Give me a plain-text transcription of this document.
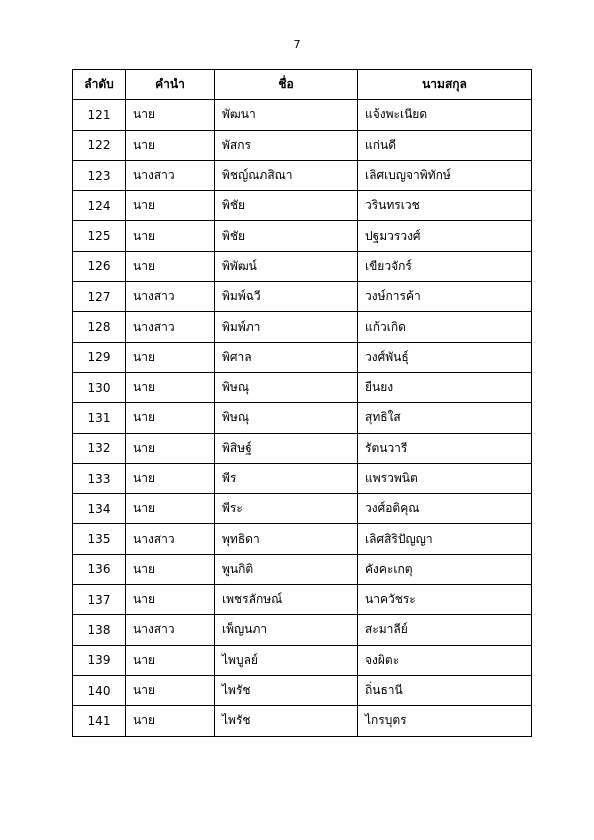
7
ลำดับ	คำนำ	ชื่อ	นามสกุล
121	นาย	พัฒนา	แจ้งพะเนียด
122	นาย	พัสกร	แก่นดี
123	นางสาว	พิชญ์ณภสิณา	เลิศเบญจาพิทักษ์
124	นาย	พิชัย	วรินทรเวช
125	นาย	พิชัย	ปฐมวรวงศ์
126	นาย	พิพัฒน์	เขียวจักร์
127	นางสาว	พิมพ์ฉวี	วงษ์การค้า
128	นางสาว	พิมพ์ภา	แก้วเกิด
129	นาย	พิศาล	วงศ์พันธุ์
130	นาย	พิษณุ	ยืนยง
131	นาย	พิษณุ	สุทธิใส
132	นาย	พิสิษฐ์	รัตนวารี
133	นาย	พีร	แพรวพนิต
134	นาย	พีระ	วงศ์อติคุณ
135	นางสาว	พุทธิดา	เลิศสิริปัญญา
136	นาย	พูนกิติ	คังคะเกตุ
137	นาย	เพชรลักษณ์	นาควัชระ
138	นางสาว	เพ็ญนภา	สะมาลีย์
139	นาย	ไพบูลย์	จงผิตะ
140	นาย	ไพรัช	ถิ่นธานี
141	นาย	ไพรัช	ไกรบุตร
